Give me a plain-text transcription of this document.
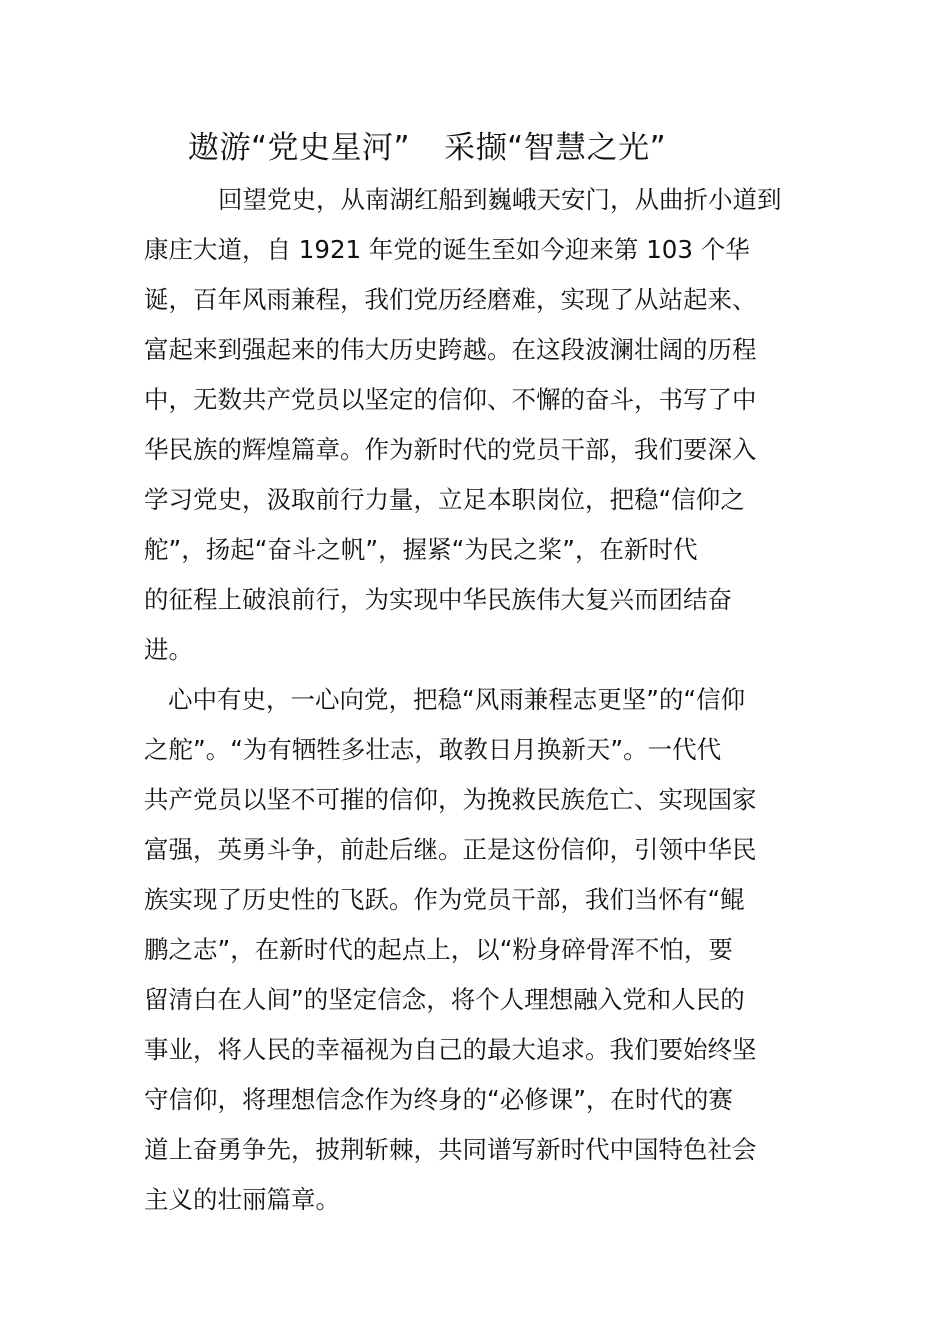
遨游“党史星河” 采撷“智慧之光”

回望党史，从南湖红船到巍峨天安门，从曲折小道到

康庄大道，自 1921 年党的诞生至如今迎来第 103 个华

诞，百年风雨兼程，我们党历经磨难，实现了从站起来、

富起来到强起来的伟大历史跨越。在这段波澜壮阔的历程

中，无数共产党员以坚定的信仰、不懈的奋斗，书写了中

华民族的辉煌篇章。作为新时代的党员干部，我们要深入

学习党史，汲取前行力量，立足本职岗位，把稳“信仰之

舵”，扬起“奋斗之帆”，握紧“为民之桨”，在新时代

的征程上破浪前行，为实现中华民族伟大复兴而团结奋

进。

心中有史，一心向党，把稳“风雨兼程志更坚”的“信仰

之舵”。“为有牺牲多壮志，敢教日月换新天”。一代代

共产党员以坚不可摧的信仰，为挽救民族危亡、实现国家

富强，英勇斗争，前赴后继。正是这份信仰，引领中华民

族实现了历史性的飞跃。作为党员干部，我们当怀有“鲲

鹏之志”，在新时代的起点上，以“粉身碎骨浑不怕，要

留清白在人间”的坚定信念，将个人理想融入党和人民的

事业，将人民的幸福视为自己的最大追求。我们要始终坚

守信仰，将理想信念作为终身的“必修课”，在时代的赛

道上奋勇争先，披荆斩棘，共同谱写新时代中国特色社会

主义的壮丽篇章。
